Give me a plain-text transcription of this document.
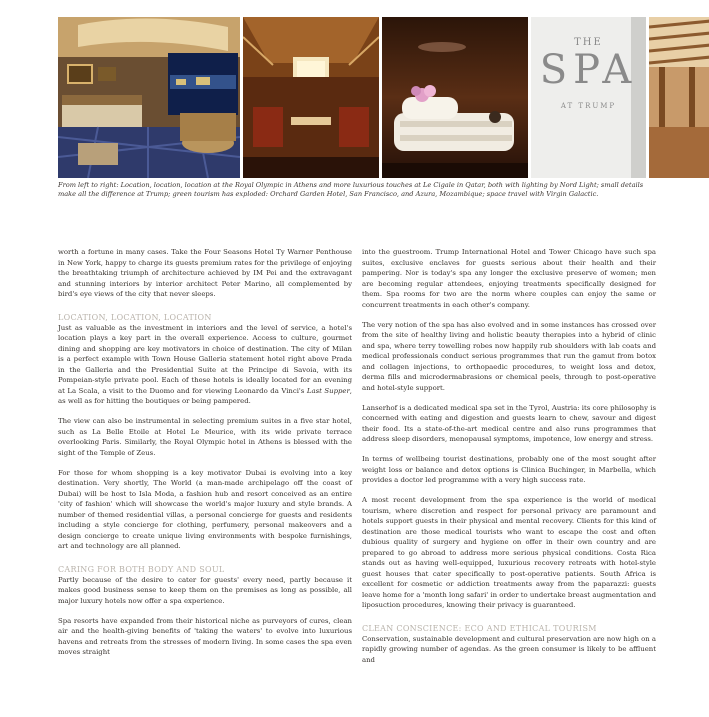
THE
SPA
AT TRUMP
From left to right: Location, location, location at the Royal Olympic in Athens and more luxurious touches at Le Cigale in Qatar, both with lighting by Nord Light; small details make all the difference at Trump; green tourism has exploded: Orchard Garden Hotel, San Francisco, and Azura, Mozambique; space travel with Virgin Galactic.

worth a fortune in many cases. Take the Four Seasons Hotel Ty Warner Penthouse in New York, happy to charge its guests premium rates for the privilege of enjoying the breathtaking triumph of architecture achieved by IM Pei and the extravagant and stunning interiors by interior architect Peter Marino, all complemented by bird's eye views of the city that never sleeps.

LOCATION, LOCATION, LOCATION

Just as valuable as the investment in interiors and the level of service, a hotel's location plays a key part in the overall experience. Access to culture, gourmet dining and shopping are key motivators in choice of destination. The city of Milan is a perfect example with Town House Galleria statement hotel right above Prada in the Galleria and the Presidential Suite at the Principe di Savoia, with its Pompeian-style private pool. Each of these hotels is ideally located for an evening at La Scala, a visit to the Duomo and for viewing Leonardo da Vinci's Last Supper, as well as for hitting the boutiques or being pampered.

The view can also be instrumental in selecting premium suites in a five star hotel, such as La Belle Etoile at Hotel Le Meurice, with its wide private terrace overlooking Paris. Similarly, the Royal Olympic hotel in Athens is blessed with the sight of the Temple of Zeus.

For those for whom shopping is a key motivator Dubai is evolving into a key destination. Very shortly, The World (a man-made archipelago off the coast of Dubai) will be host to Isla Moda, a fashion hub and resort conceived as an entire 'city of fashion' which will showcase the world's major luxury and style brands. A number of themed residential villas, a personal concierge for guests and residents including a style concierge for clothing, perfumery, personal makeovers and a design concierge to create unique living environments with bespoke furnishings, art and technology are all planned.

CARING FOR BOTH BODY AND SOUL

Partly because of the desire to cater for guests' every need, partly because it makes good business sense to keep them on the premises as long as possible, all major luxury hotels now offer a spa experience.

Spa resorts have expanded from their historical niche as purveyors of cures, clean air and the health-giving benefits of 'taking the waters' to evolve into luxurious havens and retreats from the stresses of modern living. In some cases the spa even moves straight

into the guestroom. Trump International Hotel and Tower Chicago have such spa suites, exclusive enclaves for guests serious about their health and their pampering. Nor is today's spa any longer the exclusive preserve of women; men are becoming regular attendees, enjoying treatments specifically designed for them. Spa rooms for two are the norm where couples can enjoy the same or concurrent treatments in each other's company.

The very notion of the spa has also evolved and in some instances has crossed over from the site of healthy living and holistic beauty therapies into a hybrid of clinic and spa, where terry towelling robes now happily rub shoulders with lab coats and medical professionals conduct serious programmes that run the gamut from botox and collagen injections, to orthopaedic procedures, to weight loss and detox, derma fills and microdermabrasions or chemical peels, through to post-operative and hotel-style support.

Lanserhof is a dedicated medical spa set in the Tyrol, Austria: its core philosophy is concerned with eating and digestion and guests learn to chew, savour and digest their food. Its a state-of-the-art medical centre and also runs programmes that address sleep disorders, menopausal symptoms, impotence, low energy and stress.

In terms of wellbeing tourist destinations, probably one of the most sought after weight loss or balance and detox options is Clinica Buchinger, in Marbella, which provides a doctor led programme with a very high success rate.

A most recent development from the spa experience is the world of medical tourism, where discretion and respect for personal privacy are paramount and hotels support guests in their physical and mental recovery. Clients for this kind of destination are those medical tourists who want to escape the cost and often dubious quality of surgery and hygiene on offer in their own country and are prepared to go abroad to address more serious physical conditions. Costa Rica stands out as having well-equipped, luxurious recovery retreats with hotel-style guest houses that cater specifically to post-operative patients. South Africa is excellent for cosmetic or addiction treatments away from the paparazzi: guests leave home for a 'month long safari' in order to undertake breast augmentation and liposuction procedures, knowing their privacy is guaranteed.

CLEAN CONSCIENCE: ECO AND ETHICAL TOURISM

Conservation, sustainable development and cultural preservation are now high on a rapidly growing number of agendas. As the green consumer is likely to be affluent and
